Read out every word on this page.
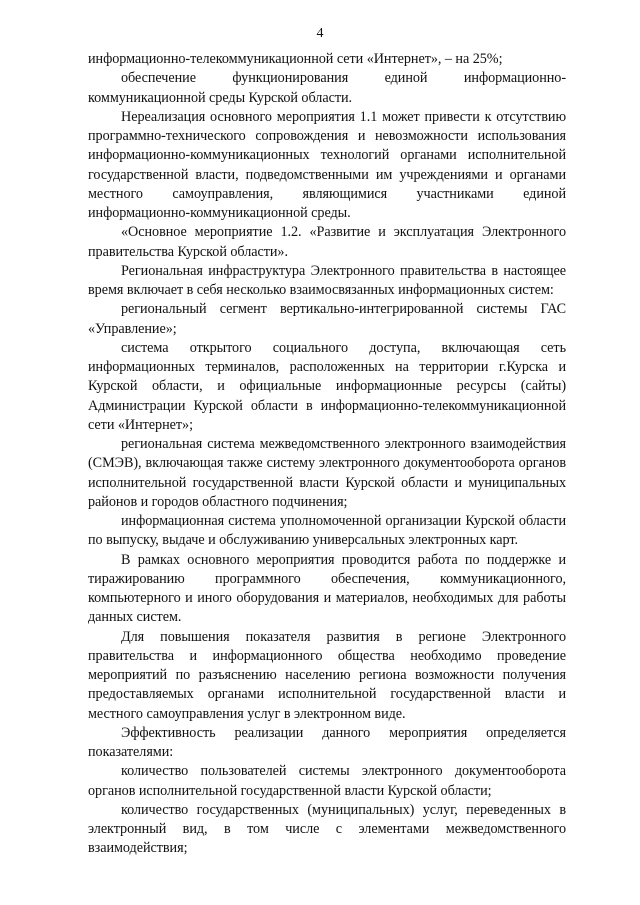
4

информационно-телекоммуникационной сети «Интернет», – на 25%;

обеспечение функционирования единой информационно-коммуникационной среды Курской области.

Нереализация основного мероприятия 1.1 может привести к отсутствию программно-технического сопровождения и невозможности использования информационно-коммуникационных технологий органами исполнительной государственной власти, подведомственными им учреждениями и органами местного самоуправления, являющимися участниками единой информационно-коммуникационной среды.

«Основное мероприятие 1.2. «Развитие и эксплуатация Электронного правительства Курской области».

Региональная инфраструктура Электронного правительства в настоящее время включает в себя несколько взаимосвязанных информационных систем:

региональный сегмент вертикально-интегрированной системы ГАС «Управление»;

система открытого социального доступа, включающая сеть информационных терминалов, расположенных на территории г.Курска и Курской области, и официальные информационные ресурсы (сайты) Администрации Курской области в информационно-телекоммуникационной сети «Интернет»;

региональная система межведомственного электронного взаимодействия (СМЭВ), включающая также систему электронного документооборота органов исполнительной государственной власти Курской области и муниципальных районов и городов областного подчинения;

информационная система уполномоченной организации Курской области по выпуску, выдаче и обслуживанию универсальных электронных карт.

В рамках основного мероприятия проводится работа по поддержке и тиражированию программного обеспечения, коммуникационного, компьютерного и иного оборудования и материалов, необходимых для работы данных систем.

Для повышения показателя развития в регионе Электронного правительства и информационного общества необходимо проведение мероприятий по разъяснению населению региона возможности получения предоставляемых органами исполнительной государственной власти и местного самоуправления услуг в электронном виде.

Эффективность реализации данного мероприятия определяется показателями:

количество пользователей системы электронного документооборота органов исполнительной государственной власти Курской области;

количество государственных (муниципальных) услуг, переведенных в электронный вид, в том числе с элементами межведомственного взаимодействия;
